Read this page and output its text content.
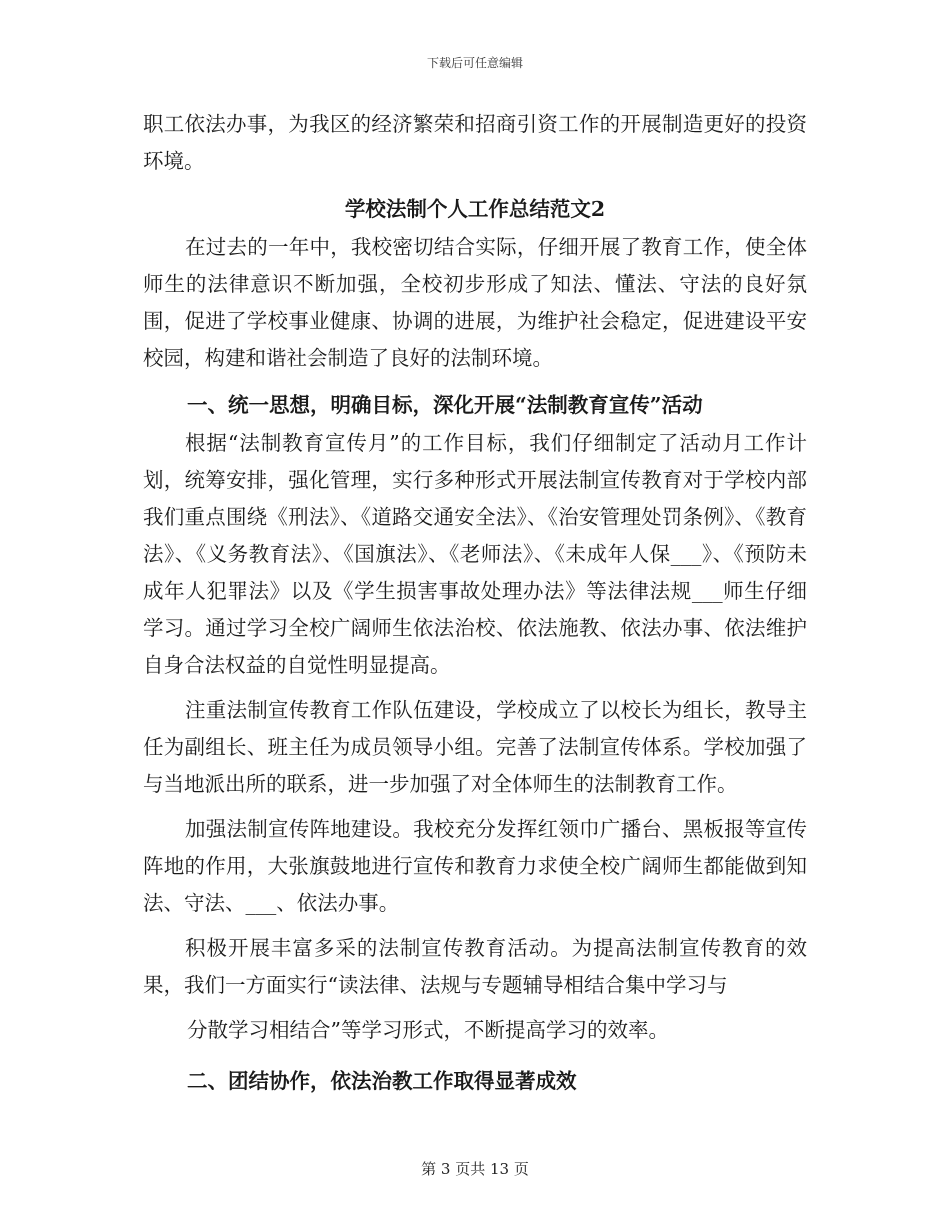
下载后可任意编辑

职工依法办事，为我区的经济繁荣和招商引资工作的开展制造更好的投资环境。

学校法制个人工作总结范文2

在过去的一年中，我校密切结合实际，仔细开展了教育工作，使全体师生的法律意识不断加强，全校初步形成了知法、懂法、守法的良好氛围，促进了学校事业健康、协调的进展，为维护社会稳定，促进建设平安校园，构建和谐社会制造了良好的法制环境。

一、统一思想，明确目标，深化开展“法制教育宣传”活动

根据“法制教育宣传月”的工作目标，我们仔细制定了活动月工作计划，统筹安排，强化管理，实行多种形式开展法制宣传教育对于学校内部我们重点围绕《刑法》、《道路交通安全法》、《治安管理处罚条例》、《教育法》、《义务教育法》、《国旗法》、《老师法》、《未成年人保___》、《预防未成年人犯罪法》以及《学生损害事故处理办法》等法律法规___师生仔细学习。通过学习全校广阔师生依法治校、依法施教、依法办事、依法维护自身合法权益的自觉性明显提高。

注重法制宣传教育工作队伍建设，学校成立了以校长为组长，教导主任为副组长、班主任为成员领导小组。完善了法制宣传体系。学校加强了与当地派出所的联系，进一步加强了对全体师生的法制教育工作。

加强法制宣传阵地建设。我校充分发挥红领巾广播台、黑板报等宣传阵地的作用，大张旗鼓地进行宣传和教育力求使全校广阔师生都能做到知法、守法、___、依法办事。

积极开展丰富多采的法制宣传教育活动。为提高法制宣传教育的效果，我们一方面实行“读法律、法规与专题辅导相结合集中学习与

分散学习相结合”等学习形式，不断提高学习的效率。

二、团结协作，依法治教工作取得显著成效

第 3 页共 13 页
